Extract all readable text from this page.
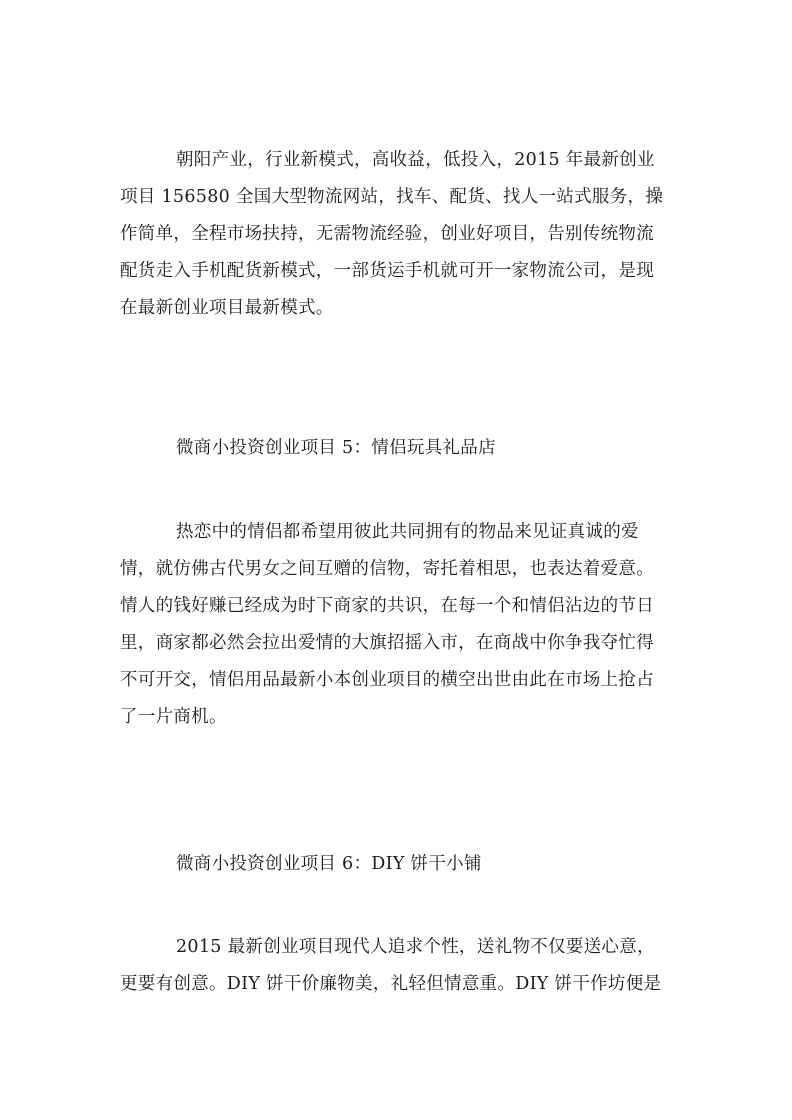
朝阳产业，行业新模式，高收益，低投入，2015 年最新创业
项目 156580 全国大型物流网站，找车、配货、找人一站式服务，操
作简单，全程市场扶持，无需物流经验，创业好项目，告别传统物流
配货走入手机配货新模式，一部货运手机就可开一家物流公司，是现
在最新创业项目最新模式。
微商小投资创业项目 5：情侣玩具礼品店
热恋中的情侣都希望用彼此共同拥有的物品来见证真诚的爱
情，就仿佛古代男女之间互赠的信物，寄托着相思，也表达着爱意。
情人的钱好赚已经成为时下商家的共识，在每一个和情侣沾边的节日
里，商家都必然会拉出爱情的大旗招摇入市，在商战中你争我夺忙得
不可开交，情侣用品最新小本创业项目的横空出世由此在市场上抢占
了一片商机。
微商小投资创业项目 6：DIY 饼干小铺
2015 最新创业项目现代人追求个性，送礼物不仅要送心意，
更要有创意。DIY 饼干价廉物美，礼轻但情意重。DIY 饼干作坊便是
